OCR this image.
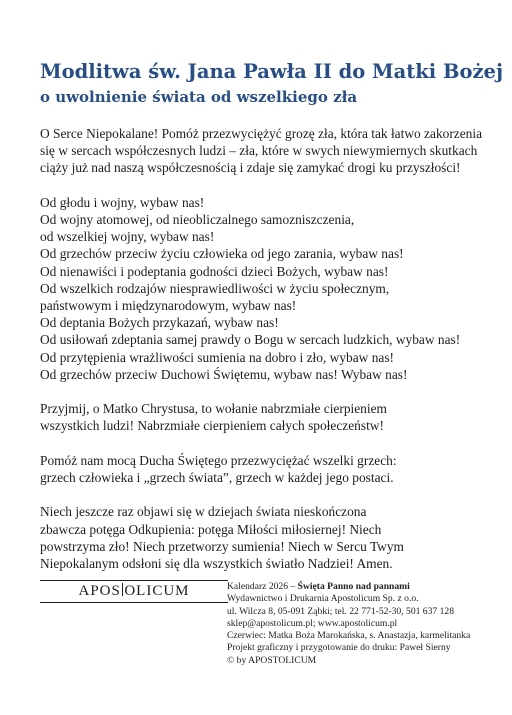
Modlitwa św. Jana Pawła II do Matki Bożej
o uwolnienie świata od wszelkiego zła

O Serce Niepokalane! Pomóż przezwyciężyć grozę zła, która tak łatwo zakorzenia
się w sercach współczesnych ludzi – zła, które w swych niewymiernych skutkach
ciąży już nad naszą współczesnością i zdaje się zamykać drogi ku przyszłości!

Od głodu i wojny, wybaw nas!
Od wojny atomowej, od nieobliczalnego samozniszczenia,
od wszelkiej wojny, wybaw nas!
Od grzechów przeciw życiu człowieka od jego zarania, wybaw nas!
Od nienawiści i podeptania godności dzieci Bożych, wybaw nas!
Od wszelkich rodzajów niesprawiedliwości w życiu społecznym,
państwowym i międzynarodowym, wybaw nas!
Od deptania Bożych przykazań, wybaw nas!
Od usiłowań zdeptania samej prawdy o Bogu w sercach ludzkich, wybaw nas!
Od przytępienia wrażliwości sumienia na dobro i zło, wybaw nas!
Od grzechów przeciw Duchowi Świętemu, wybaw nas! Wybaw nas!

Przyjmij, o Matko Chrystusa, to wołanie nabrzmiałe cierpieniem
wszystkich ludzi! Nabrzmiałe cierpieniem całych społeczeństw!

Pomóż nam mocą Ducha Świętego przezwyciężać wszelki grzech:
grzech człowieka i „grzech świata”, grzech w każdej jego postaci.

Niech jeszcze raz objawi się w dziejach świata nieskończona
zbawcza potęga Odkupienia: potęga Miłości miłosiernej! Niech
powstrzyma zło! Niech przetworzy sumienia! Niech w Sercu Twym
Niepokalanym odsłoni się dla wszystkich światło Nadziei! Amen.

APOS OLICUM	Kalendarz 2026 – Święta Panno nad pannami
Wydawnictwo i Drukarnia Apostolicum Sp. z o.o.
ul. Wilcza 8, 05-091 Ząbki; tel. 22 771-52-30, 501 637 128
sklep@apostolicum.pl; www.apostolicum.pl
Czerwiec: Matka Boża Marokańska, s. Anastazja, karmelitanka
Projekt graficzny i przygotowanie do druku: Paweł Sierny
© by APOSTOLICUM
